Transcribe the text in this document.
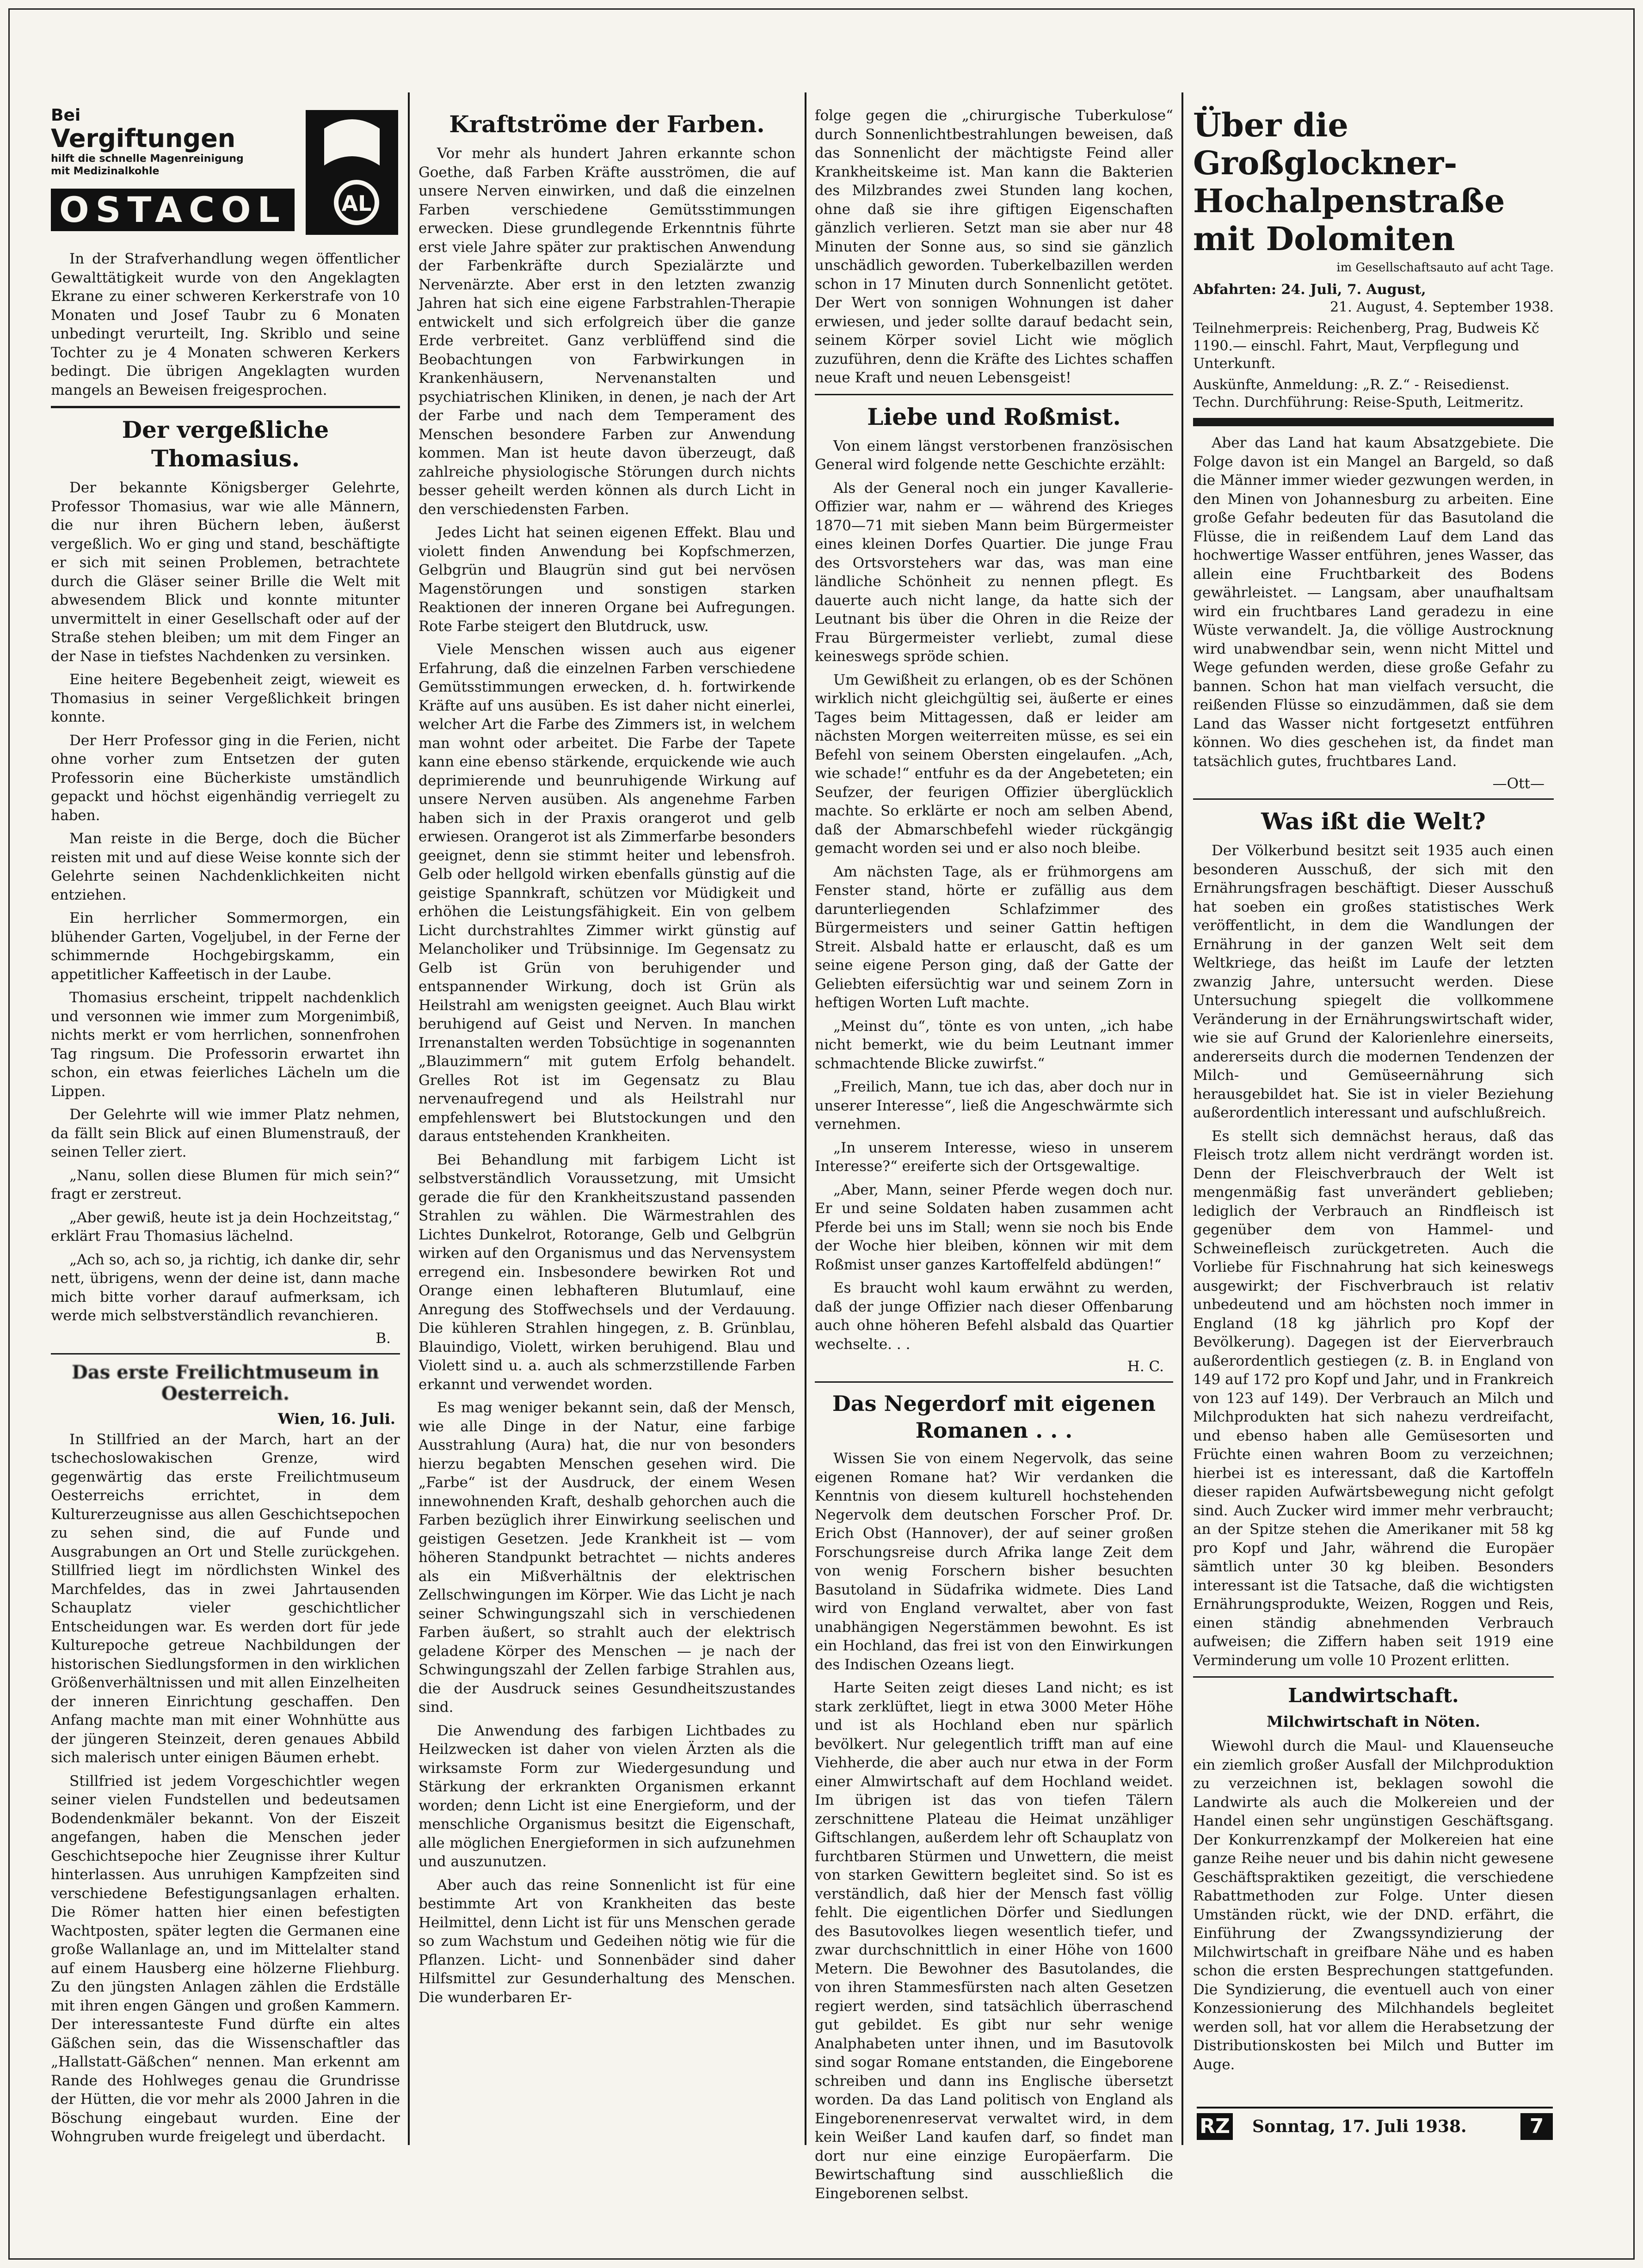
Bei
Vergiftungen
hilft die schnelle Magenreinigung mit Medizinalkohle
OSTACOL	AL

In der Strafverhandlung wegen öffentlicher Gewalttätigkeit wurde von den Angeklagten Ekrane zu einer schweren Kerkerstrafe von 10 Monaten und Josef Taubr zu 6 Monaten unbedingt verurteilt, Ing. Skriblo und seine Tochter zu je 4 Monaten schweren Kerkers bedingt. Die übrigen Angeklagten wurden mangels an Beweisen freigesprochen.

Der vergeßliche Thomasius.

Der bekannte Königsberger Gelehrte, Professor Thomasius, war wie alle Männern, die nur ihren Büchern leben, äußerst vergeßlich. Wo er ging und stand, beschäftigte er sich mit seinen Problemen, betrachtete durch die Gläser seiner Brille die Welt mit abwesendem Blick und konnte mitunter unvermittelt in einer Gesellschaft oder auf der Straße stehen bleiben; um mit dem Finger an der Nase in tiefstes Nachdenken zu versinken.

Eine heitere Begebenheit zeigt, wieweit es Thomasius in seiner Vergeßlichkeit bringen konnte.

Der Herr Professor ging in die Ferien, nicht ohne vorher zum Entsetzen der guten Professorin eine Bücherkiste umständlich gepackt und höchst eigenhändig verriegelt zu haben.

Man reiste in die Berge, doch die Bücher reisten mit und auf diese Weise konnte sich der Gelehrte seinen Nachdenklichkeiten nicht entziehen.

Ein herrlicher Sommermorgen, ein blühender Garten, Vogeljubel, in der Ferne der schimmernde Hochgebirgskamm, ein appetitlicher Kaffeetisch in der Laube.

Thomasius erscheint, trippelt nachdenklich und versonnen wie immer zum Morgenimbiß, nichts merkt er vom herrlichen, sonnenfrohen Tag ringsum. Die Professorin erwartet ihn schon, ein etwas feierliches Lächeln um die Lippen.

Der Gelehrte will wie immer Platz nehmen, da fällt sein Blick auf einen Blumenstrauß, der seinen Teller ziert.

„Nanu, sollen diese Blumen für mich sein?“ fragt er zerstreut.

„Aber gewiß, heute ist ja dein Hochzeitstag,“ erklärt Frau Thomasius lächelnd.

„Ach so, ach so, ja richtig, ich danke dir, sehr nett, übrigens, wenn der deine ist, dann mache mich bitte vorher darauf aufmerksam, ich werde mich selbstverständlich revanchieren.

B.
Das erste Freilichtmuseum in Oesterreich.
Wien, 16. Juli.

In Stillfried an der March, hart an der tschechoslowakischen Grenze, wird gegenwärtig das erste Freilichtmuseum Oesterreichs errichtet, in dem Kulturerzeugnisse aus allen Geschichtsepochen zu sehen sind, die auf Funde und Ausgrabungen an Ort und Stelle zurückgehen. Stillfried liegt im nördlichsten Winkel des Marchfeldes, das in zwei Jahrtausenden Schauplatz vieler geschichtlicher Entscheidungen war. Es werden dort für jede Kulturepoche getreue Nachbildungen der historischen Siedlungsformen in den wirklichen Größenverhältnissen und mit allen Einzelheiten der inneren Einrichtung geschaffen. Den Anfang machte man mit einer Wohnhütte aus der jüngeren Steinzeit, deren genaues Abbild sich malerisch unter einigen Bäumen erhebt.

Stillfried ist jedem Vorgeschichtler wegen seiner vielen Fundstellen und bedeutsamen Bodendenkmäler bekannt. Von der Eiszeit angefangen, haben die Menschen jeder Geschichtsepoche hier Zeugnisse ihrer Kultur hinterlassen. Aus unruhigen Kampfzeiten sind verschiedene Befestigungsanlagen erhalten. Die Römer hatten hier einen befestigten Wachtposten, später legten die Germanen eine große Wallanlage an, und im Mittelalter stand auf einem Hausberg eine hölzerne Fliehburg. Zu den jüngsten Anlagen zählen die Erdställe mit ihren engen Gängen und großen Kammern. Der interessanteste Fund dürfte ein altes Gäßchen sein, das die Wissenschaftler das „Hallstatt-Gäßchen“ nennen. Man erkennt am Rande des Hohlweges genau die Grundrisse der Hütten, die vor mehr als 2000 Jahren in die Böschung eingebaut wurden. Eine der Wohngruben wurde freigelegt und überdacht.

Kraftströme der Farben.

Vor mehr als hundert Jahren erkannte schon Goethe, daß Farben Kräfte ausströmen, die auf unsere Nerven einwirken, und daß die einzelnen Farben verschiedene Gemütsstimmungen erwecken. Diese grundlegende Erkenntnis führte erst viele Jahre später zur praktischen Anwendung der Farbenkräfte durch Spezialärzte und Nervenärzte. Aber erst in den letzten zwanzig Jahren hat sich eine eigene Farbstrahlen-Therapie entwickelt und sich erfolgreich über die ganze Erde verbreitet. Ganz verblüffend sind die Beobachtungen von Farbwirkungen in Krankenhäusern, Nervenanstalten und psychiatrischen Kliniken, in denen, je nach der Art der Farbe und nach dem Temperament des Menschen besondere Farben zur Anwendung kommen. Man ist heute davon überzeugt, daß zahlreiche physiologische Störungen durch nichts besser geheilt werden können als durch Licht in den verschiedensten Farben.

Jedes Licht hat seinen eigenen Effekt. Blau und violett finden Anwendung bei Kopfschmerzen, Gelbgrün und Blaugrün sind gut bei nervösen Magenstörungen und sonstigen starken Reaktionen der inneren Organe bei Aufregungen. Rote Farbe steigert den Blutdruck, usw.

Viele Menschen wissen auch aus eigener Erfahrung, daß die einzelnen Farben verschiedene Gemütsstimmungen erwecken, d. h. fortwirkende Kräfte auf uns ausüben. Es ist daher nicht einerlei, welcher Art die Farbe des Zimmers ist, in welchem man wohnt oder arbeitet. Die Farbe der Tapete kann eine ebenso stärkende, erquickende wie auch deprimierende und beunruhigende Wirkung auf unsere Nerven ausüben. Als angenehme Farben haben sich in der Praxis orangerot und gelb erwiesen. Orangerot ist als Zimmerfarbe besonders geeignet, denn sie stimmt heiter und lebensfroh. Gelb oder hellgold wirken ebenfalls günstig auf die geistige Spannkraft, schützen vor Müdigkeit und erhöhen die Leistungsfähigkeit. Ein von gelbem Licht durchstrahltes Zimmer wirkt günstig auf Melancholiker und Trübsinnige. Im Gegensatz zu Gelb ist Grün von beruhigender und entspannender Wirkung, doch ist Grün als Heilstrahl am wenigsten geeignet. Auch Blau wirkt beruhigend auf Geist und Nerven. In manchen Irrenanstalten werden Tobsüchtige in sogenannten „Blauzimmern“ mit gutem Erfolg behandelt. Grelles Rot ist im Gegensatz zu Blau nervenaufregend und als Heilstrahl nur empfehlenswert bei Blutstockungen und den daraus entstehenden Krankheiten.

Bei Behandlung mit farbigem Licht ist selbstverständlich Voraussetzung, mit Umsicht gerade die für den Krankheitszustand passenden Strahlen zu wählen. Die Wärmestrahlen des Lichtes Dunkelrot, Rotorange, Gelb und Gelbgrün wirken auf den Organismus und das Nervensystem erregend ein. Insbesondere bewirken Rot und Orange einen lebhafteren Blutumlauf, eine Anregung des Stoffwechsels und der Verdauung. Die kühleren Strahlen hingegen, z. B. Grünblau, Blauindigo, Violett, wirken beruhigend. Blau und Violett sind u. a. auch als schmerzstillende Farben erkannt und verwendet worden.

Es mag weniger bekannt sein, daß der Mensch, wie alle Dinge in der Natur, eine farbige Ausstrahlung (Aura) hat, die nur von besonders hierzu begabten Menschen gesehen wird. Die „Farbe“ ist der Ausdruck, der einem Wesen innewohnenden Kraft, deshalb gehorchen auch die Farben bezüglich ihrer Einwirkung seelischen und geistigen Gesetzen. Jede Krankheit ist — vom höheren Standpunkt betrachtet — nichts anderes als ein Mißverhältnis der elektrischen Zellschwingungen im Körper. Wie das Licht je nach seiner Schwingungszahl sich in verschiedenen Farben äußert, so strahlt auch der elektrisch geladene Körper des Menschen — je nach der Schwingungszahl der Zellen farbige Strahlen aus, die der Ausdruck seines Gesundheitszustandes sind.

Die Anwendung des farbigen Lichtbades zu Heilzwecken ist daher von vielen Ärzten als die wirksamste Form zur Wiedergesundung und Stärkung der erkrankten Organismen erkannt worden; denn Licht ist eine Energieform, und der menschliche Organismus besitzt die Eigenschaft, alle möglichen Energieformen in sich aufzunehmen und auszunutzen.

Aber auch das reine Sonnenlicht ist für eine bestimmte Art von Krankheiten das beste Heilmittel, denn Licht ist für uns Menschen gerade so zum Wachstum und Gedeihen nötig wie für die Pflanzen. Licht- und Sonnenbäder sind daher Hilfsmittel zur Gesunderhaltung des Menschen. Die wunderbaren Er-

folge gegen die „chirurgische Tuberkulose“ durch Sonnenlichtbestrahlungen beweisen, daß das Sonnenlicht der mächtigste Feind aller Krankheitskeime ist. Man kann die Bakterien des Milzbrandes zwei Stunden lang kochen, ohne daß sie ihre giftigen Eigenschaften gänzlich verlieren. Setzt man sie aber nur 48 Minuten der Sonne aus, so sind sie gänzlich unschädlich geworden. Tuberkelbazillen werden schon in 17 Minuten durch Sonnenlicht getötet. Der Wert von sonnigen Wohnungen ist daher erwiesen, und jeder sollte darauf bedacht sein, seinem Körper soviel Licht wie möglich zuzuführen, denn die Kräfte des Lichtes schaffen neue Kraft und neuen Lebensgeist!

Liebe und Roßmist.

Von einem längst verstorbenen französischen General wird folgende nette Geschichte erzählt:

Als der General noch ein junger Kavallerie-Offizier war, nahm er — während des Krieges 1870—71 mit sieben Mann beim Bürgermeister eines kleinen Dorfes Quartier. Die junge Frau des Ortsvorstehers war das, was man eine ländliche Schönheit zu nennen pflegt. Es dauerte auch nicht lange, da hatte sich der Leutnant bis über die Ohren in die Reize der Frau Bürgermeister verliebt, zumal diese keineswegs spröde schien.

Um Gewißheit zu erlangen, ob es der Schönen wirklich nicht gleichgültig sei, äußerte er eines Tages beim Mittagessen, daß er leider am nächsten Morgen weiterreiten müsse, es sei ein Befehl von seinem Obersten eingelaufen. „Ach, wie schade!“ entfuhr es da der Angebeteten; ein Seufzer, der feurigen Offizier überglücklich machte. So erklärte er noch am selben Abend, daß der Abmarschbefehl wieder rückgängig gemacht worden sei und er also noch bleibe.

Am nächsten Tage, als er frühmorgens am Fenster stand, hörte er zufällig aus dem darunterliegenden Schlafzimmer des Bürgermeisters und seiner Gattin heftigen Streit. Alsbald hatte er erlauscht, daß es um seine eigene Person ging, daß der Gatte der Geliebten eifersüchtig war und seinem Zorn in heftigen Worten Luft machte.

„Meinst du“, tönte es von unten, „ich habe nicht bemerkt, wie du beim Leutnant immer schmachtende Blicke zuwirfst.“

„Freilich, Mann, tue ich das, aber doch nur in unserer Interesse“, ließ die Angeschwärmte sich vernehmen.

„In unserem Interesse, wieso in unserem Interesse?“ ereiferte sich der Ortsgewaltige.

„Aber, Mann, seiner Pferde wegen doch nur. Er und seine Soldaten haben zusammen acht Pferde bei uns im Stall; wenn sie noch bis Ende der Woche hier bleiben, können wir mit dem Roßmist unser ganzes Kartoffelfeld abdüngen!“

Es braucht wohl kaum erwähnt zu werden, daß der junge Offizier nach dieser Offenbarung auch ohne höheren Befehl alsbald das Quartier wechselte. . .

H. C.
Das Negerdorf mit eigenen Romanen . . .

Wissen Sie von einem Negervolk, das seine eigenen Romane hat? Wir verdanken die Kenntnis von diesem kulturell hochstehenden Negervolk dem deutschen Forscher Prof. Dr. Erich Obst (Hannover), der auf seiner großen Forschungsreise durch Afrika lange Zeit dem von wenig Forschern bisher besuchten Basutoland in Südafrika widmete. Dies Land wird von England verwaltet, aber von fast unabhängigen Negerstämmen bewohnt. Es ist ein Hochland, das frei ist von den Einwirkungen des Indischen Ozeans liegt.

Harte Seiten zeigt dieses Land nicht; es ist stark zerklüftet, liegt in etwa 3000 Meter Höhe und ist als Hochland eben nur spärlich bevölkert. Nur gelegentlich trifft man auf eine Viehherde, die aber auch nur etwa in der Form einer Almwirtschaft auf dem Hochland weidet. Im übrigen ist das von tiefen Tälern zerschnittene Plateau die Heimat unzähliger Giftschlangen, außerdem lehr oft Schauplatz von furchtbaren Stürmen und Unwettern, die meist von starken Gewittern begleitet sind. So ist es verständlich, daß hier der Mensch fast völlig fehlt. Die eigentlichen Dörfer und Siedlungen des Basutovolkes liegen wesentlich tiefer, und zwar durchschnittlich in einer Höhe von 1600 Metern. Die Bewohner des Basutolandes, die von ihren Stammesfürsten nach alten Gesetzen regiert werden, sind tatsächlich überraschend gut gebildet. Es gibt nur sehr wenige Analphabeten unter ihnen, und im Basutovolk sind sogar Romane entstanden, die Eingeborene schreiben und dann ins Englische übersetzt worden. Da das Land politisch von England als Eingeborenenreservat verwaltet wird, in dem kein Weißer Land kaufen darf, so findet man dort nur eine einzige Europäerfarm. Die Bewirtschaftung sind ausschließlich die Eingeborenen selbst.

Über die Großglockner-Hochalpenstraße mit Dolomiten
im Gesellschaftsauto auf acht Tage.

Abfahrten: 24. Juli, 7. August,

21. August, 4. September 1938.

Teilnehmerpreis: Reichenberg, Prag, Budweis Kč 1190.— einschl. Fahrt, Maut, Verpflegung und Unterkunft.

Auskünfte, Anmeldung: „R. Z.“ - Reisedienst. Techn. Durchführung: Reise-Sputh, Leitmeritz.

Aber das Land hat kaum Absatzgebiete. Die Folge davon ist ein Mangel an Bargeld, so daß die Männer immer wieder gezwungen werden, in den Minen von Johannesburg zu arbeiten. Eine große Gefahr bedeuten für das Basutoland die Flüsse, die in reißendem Lauf dem Land das hochwertige Wasser entführen, jenes Wasser, das allein eine Fruchtbarkeit des Bodens gewährleistet. — Langsam, aber unaufhaltsam wird ein fruchtbares Land geradezu in eine Wüste verwandelt. Ja, die völlige Austrocknung wird unabwendbar sein, wenn nicht Mittel und Wege gefunden werden, diese große Gefahr zu bannen. Schon hat man vielfach versucht, die reißenden Flüsse so einzudämmen, daß sie dem Land das Wasser nicht fortgesetzt entführen können. Wo dies geschehen ist, da findet man tatsächlich gutes, fruchtbares Land.

—Ott—
Was ißt die Welt?

Der Völkerbund besitzt seit 1935 auch einen besonderen Ausschuß, der sich mit den Ernährungsfragen beschäftigt. Dieser Ausschuß hat soeben ein großes statistisches Werk veröffentlicht, in dem die Wandlungen der Ernährung in der ganzen Welt seit dem Weltkriege, das heißt im Laufe der letzten zwanzig Jahre, untersucht werden. Diese Untersuchung spiegelt die vollkommene Veränderung in der Ernährungswirtschaft wider, wie sie auf Grund der Kalorienlehre einerseits, andererseits durch die modernen Tendenzen der Milch- und Gemüseernährung sich herausgebildet hat. Sie ist in vieler Beziehung außerordentlich interessant und aufschlußreich.

Es stellt sich demnächst heraus, daß das Fleisch trotz allem nicht verdrängt worden ist. Denn der Fleischverbrauch der Welt ist mengenmäßig fast unverändert geblieben; lediglich der Verbrauch an Rindfleisch ist gegenüber dem von Hammel- und Schweinefleisch zurückgetreten. Auch die Vorliebe für Fischnahrung hat sich keineswegs ausgewirkt; der Fischverbrauch ist relativ unbedeutend und am höchsten noch immer in England (18 kg jährlich pro Kopf der Bevölkerung). Dagegen ist der Eierverbrauch außerordentlich gestiegen (z. B. in England von 149 auf 172 pro Kopf und Jahr, und in Frankreich von 123 auf 149). Der Verbrauch an Milch und Milchprodukten hat sich nahezu verdreifacht, und ebenso haben alle Gemüsesorten und Früchte einen wahren Boom zu verzeichnen; hierbei ist es interessant, daß die Kartoffeln dieser rapiden Aufwärtsbewegung nicht gefolgt sind. Auch Zucker wird immer mehr verbraucht; an der Spitze stehen die Amerikaner mit 58 kg pro Kopf und Jahr, während die Europäer sämtlich unter 30 kg bleiben. Besonders interessant ist die Tatsache, daß die wichtigsten Ernährungsprodukte, Weizen, Roggen und Reis, einen ständig abnehmenden Verbrauch aufweisen; die Ziffern haben seit 1919 eine Verminderung um volle 10 Prozent erlitten.

Landwirtschaft.
Milchwirtschaft in Nöten.

Wiewohl durch die Maul- und Klauenseuche ein ziemlich großer Ausfall der Milchproduktion zu verzeichnen ist, beklagen sowohl die Landwirte als auch die Molkereien und der Handel einen sehr ungünstigen Geschäftsgang. Der Konkurrenzkampf der Molkereien hat eine ganze Reihe neuer und bis dahin nicht gewesene Geschäftspraktiken gezeitigt, die verschiedene Rabattmethoden zur Folge. Unter diesen Umständen rückt, wie der DND. erfährt, die Einführung der Zwangssyndizierung der Milchwirtschaft in greifbare Nähe und es haben schon die ersten Besprechungen stattgefunden. Die Syndizierung, die eventuell auch von einer Konzessionierung des Milchhandels begleitet werden soll, hat vor allem die Herabsetzung der Distributionskosten bei Milch und Butter im Auge.

RZ Sonntag, 17. Juli 1938.	7
